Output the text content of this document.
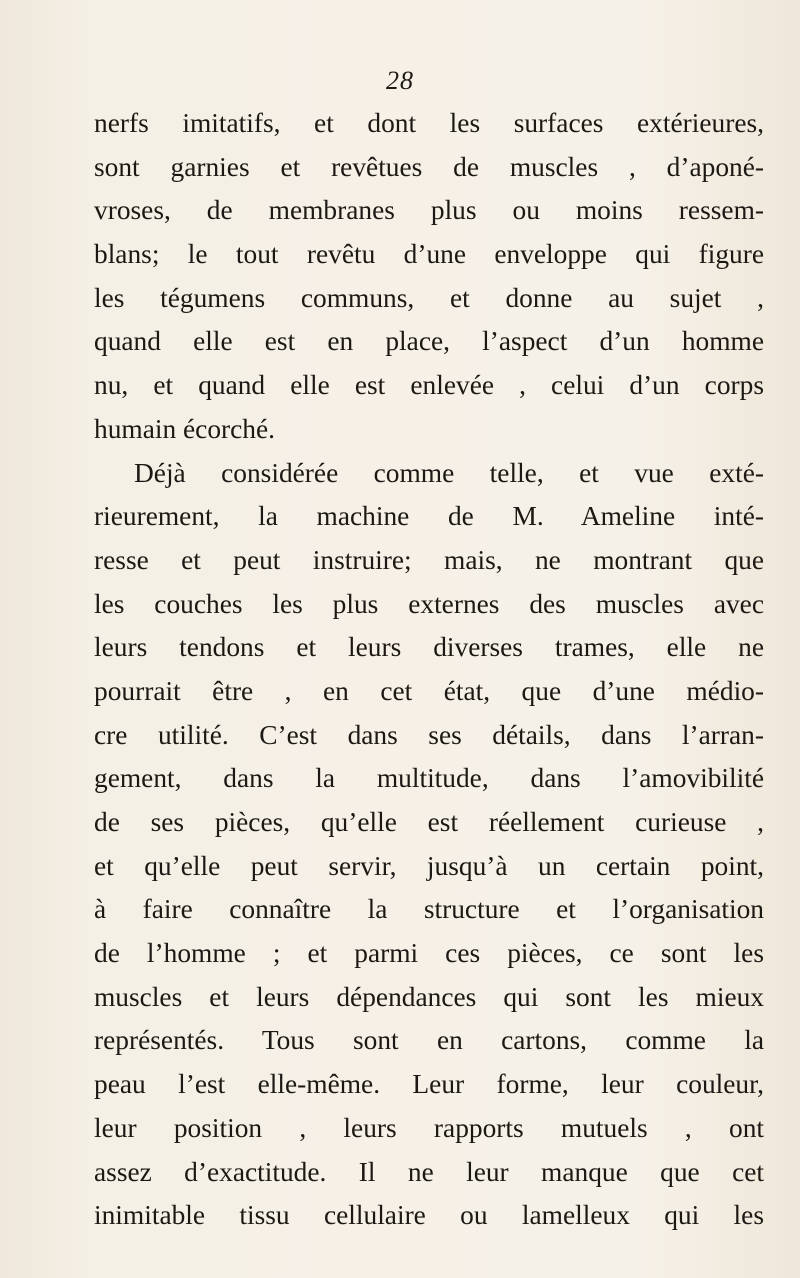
28
nerfs imitatifs, et dont les surfaces extérieures,
sont garnies et revêtues de muscles , d’aponé-
vroses, de membranes plus ou moins ressem-
blans; le tout revêtu d’une enveloppe qui figure
les tégumens communs, et donne au sujet ,
quand elle est en place, l’aspect d’un homme
nu, et quand elle est enlevée , celui d’un corps
humain écorché.
Déjà considérée comme telle, et vue exté-
rieurement, la machine de M. Ameline inté-
resse et peut instruire; mais, ne montrant que
les couches les plus externes des muscles avec
leurs tendons et leurs diverses trames, elle ne
pourrait être , en cet état, que d’une médio-
cre utilité. C’est dans ses détails, dans l’arran-
gement, dans la multitude, dans l’amovibilité
de ses pièces, qu’elle est réellement curieuse ,
et qu’elle peut servir, jusqu’à un certain point,
à faire connaître la structure et l’organisation
de l’homme ; et parmi ces pièces, ce sont les
muscles et leurs dépendances qui sont les mieux
représentés. Tous sont en cartons, comme la
peau l’est elle-même. Leur forme, leur couleur,
leur position , leurs rapports mutuels , ont
assez d’exactitude. Il ne leur manque que cet
inimitable tissu cellulaire ou lamelleux qui les
